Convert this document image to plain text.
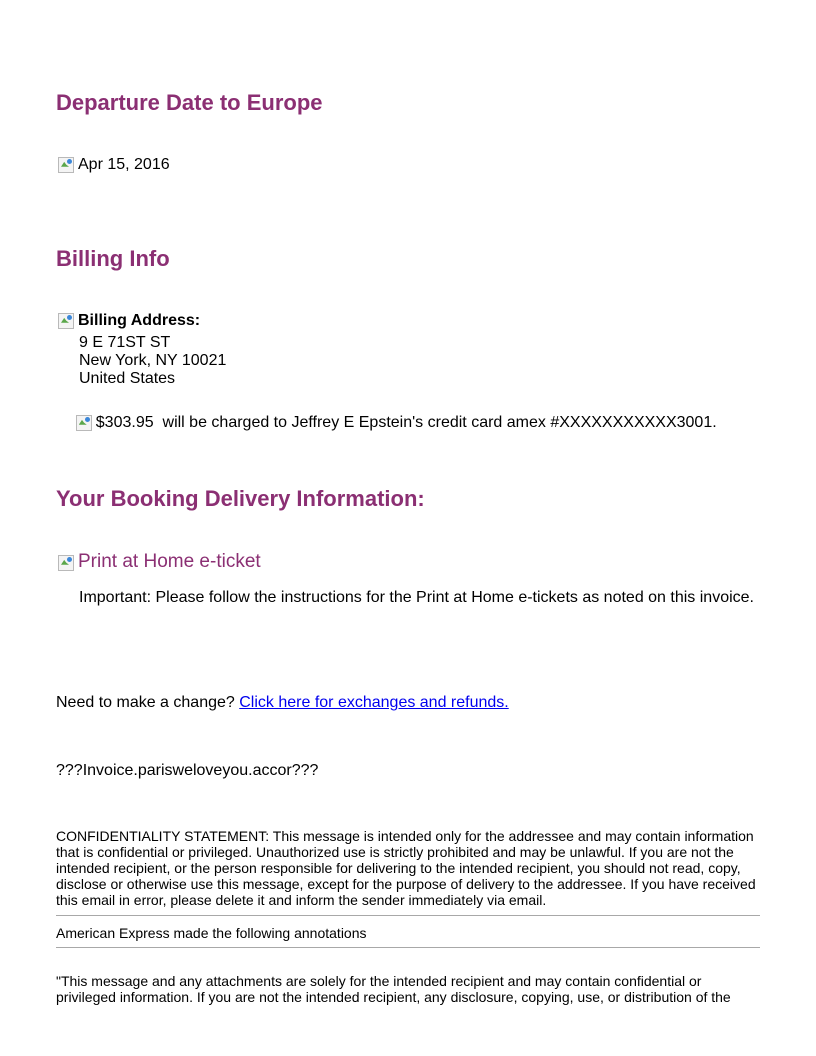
Departure Date to Europe
Apr 15, 2016
Billing Info
Billing Address:
9 E 71ST ST
New York, NY 10021
United States

$303.95  will be charged to Jeffrey E Epstein's credit card amex #XXXXXXXXXXX3001.

Your Booking Delivery Information:
Print at Home e-ticket
Important: Please follow the instructions for the Print at Home e-tickets as noted on this invoice.
Need to make a change? Click here for exchanges and refunds.
???Invoice.parisweloveyou.accor???
CONFIDENTIALITY STATEMENT: This message is intended only for the addressee and may contain information that is confidential or privileged. Unauthorized use is strictly prohibited and may be unlawful. If you are not the intended recipient, or the person responsible for delivering to the intended recipient, you should not read, copy, disclose or otherwise use this message, except for the purpose of delivery to the addressee. If you have received this email in error, please delete it and inform the sender immediately via email.
American Express made the following annotations
"This message and any attachments are solely for the intended recipient and may contain confidential or privileged information. If you are not the intended recipient, any disclosure, copying, use, or distribution of the
